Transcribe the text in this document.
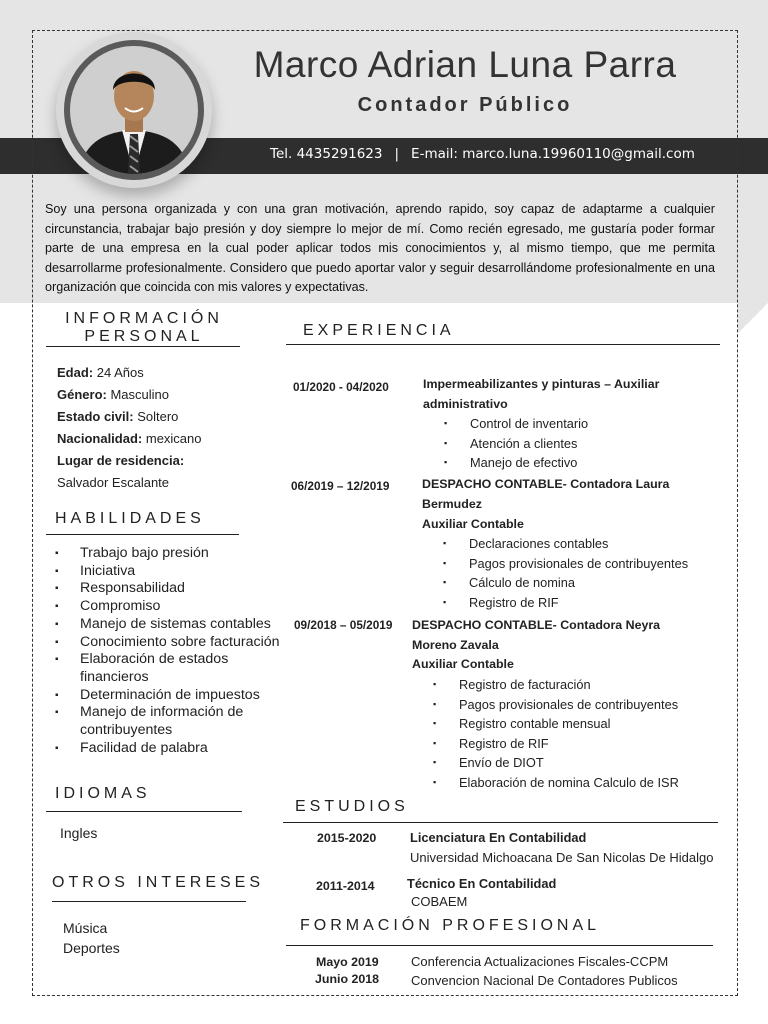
Marco Adrian Luna Parra
Contador Público
Tel. 4435291623 | E-mail: marco.luna.19960110@gmail.com
Soy una persona organizada y con una gran motivación, aprendo rapido, soy capaz de adaptarme a cualquier circunstancia, trabajar bajo presión y doy siempre lo mejor de mí. Como recién egresado, me gustaría poder formar parte de una empresa en la cual poder aplicar todos mis conocimientos y, al mismo tiempo, que me permita desarrollarme profesionalmente. Considero que puedo aportar valor y seguir desarrollándome profesionalmente en una organización que coincida con mis valores y expectativas.
INFORMACIÓN
PERSONAL
Edad: 24 Años
Género: Masculino
Estado civil: Soltero
Nacionalidad: mexicano
Lugar de residencia:
Salvador Escalante
HABILIDADES
▪ Trabajo bajo presión
▪ Iniciativa
▪ Responsabilidad
▪ Compromiso
▪ Manejo de sistemas contables
▪ Conocimiento sobre facturación
▪ Elaboración de estados financieros
▪ Determinación de impuestos
▪ Manejo de información de contribuyentes
▪ Facilidad de palabra
IDIOMAS
Ingles
OTROS INTERESES
Música
Deportes
EXPERIENCIA
01/2020 - 04/2020	Impermeabilizantes y pinturas – Auxiliar administrativo
▪ Control de inventario
▪ Atención a clientes
▪ Manejo de efectivo
06/2019 – 12/2019	DESPACHO CONTABLE- Contadora Laura Bermudez
Auxiliar Contable
▪ Declaraciones contables
▪ Pagos provisionales de contribuyentes
▪ Cálculo de nomina
▪ Registro de RIF
09/2018 – 05/2019 DESPACHO CONTABLE- Contadora Neyra Moreno Zavala
Auxiliar Contable
▪ Registro de facturación
▪ Pagos provisionales de contribuyentes
▪ Registro contable mensual
▪ Registro de RIF
▪ Envío de DIOT
▪ Elaboración de nomina Calculo de ISR
ESTUDIOS
2015-2020	Licenciatura En Contabilidad
Universidad Michoacana De San Nicolas De Hidalgo
2011-2014	Técnico En Contabilidad
COBAEM
FORMACIÓN PROFESIONAL
Mayo 2019 Conferencia Actualizaciones Fiscales-CCPM
Junio 2018 Convencion Nacional De Contadores Publicos
